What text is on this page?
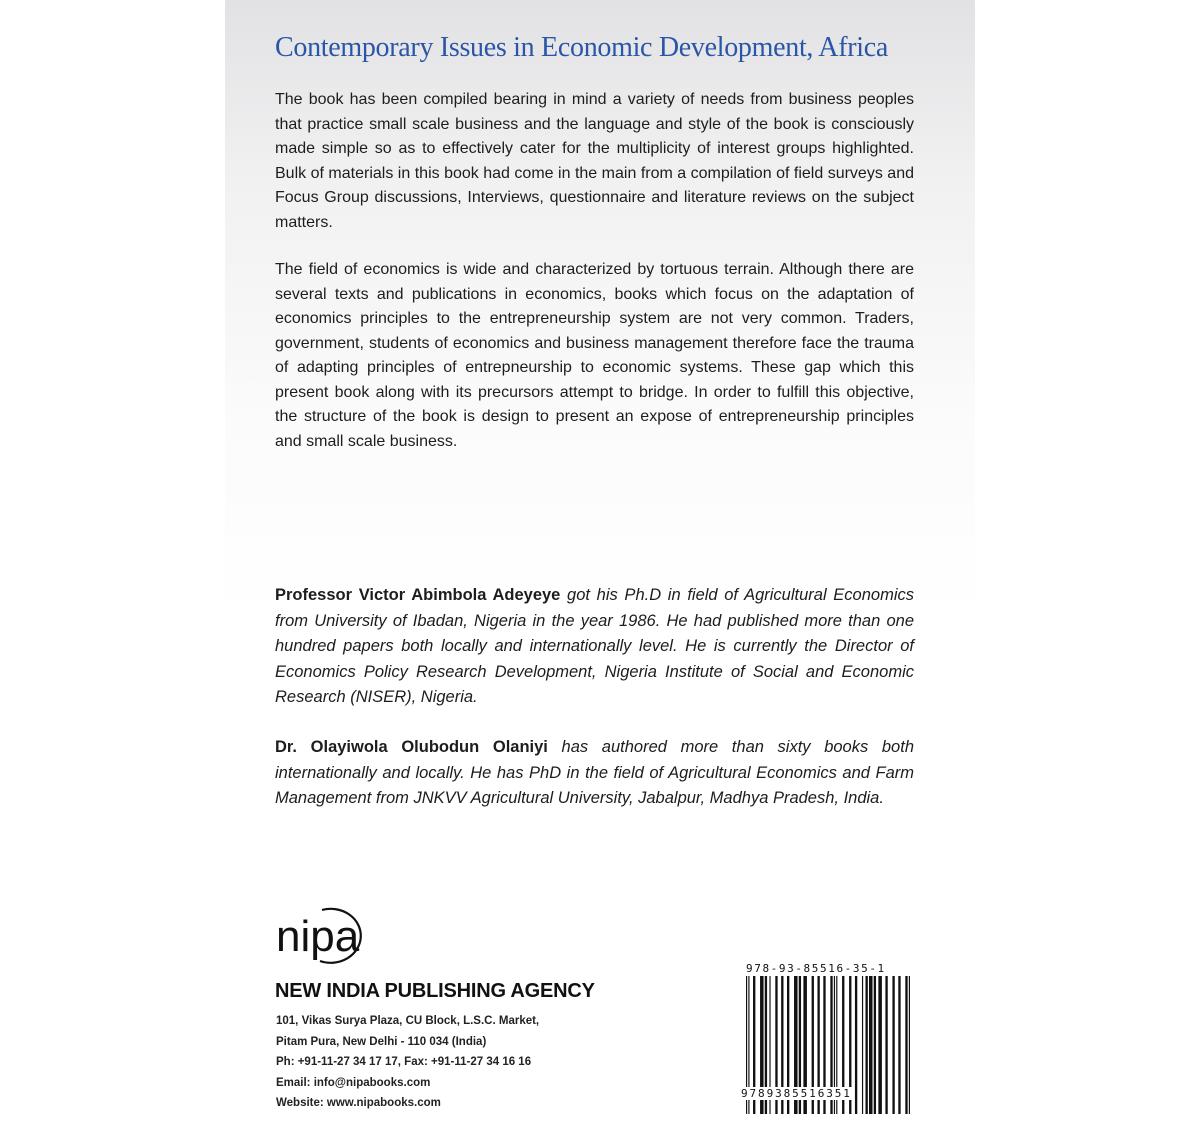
Contemporary Issues in Economic Development, Africa

The book has been compiled bearing in mind a variety of needs from business peoples that practice small scale business and the language and style of the book is consciously made simple so as to effectively cater for the multiplicity of interest groups highlighted. Bulk of materials in this book had come in the main from a compilation of field surveys and Focus Group discussions, Interviews, questionnaire and literature reviews on the subject matters.

The field of economics is wide and characterized by tortuous terrain. Although there are several texts and publications in economics, books which focus on the adaptation of economics principles to the entrepreneurship system are not very common. Traders, government, students of economics and business management therefore face the trauma of adapting principles of entrepneurship to economic systems. These gap which this present book along with its precursors attempt to bridge. In order to fulfill this objective, the structure of the book is design to present an expose of entrepreneurship principles and small scale business.

Professor Victor Abimbola Adeyeye got his Ph.D in field of Agricultural Economics from University of Ibadan, Nigeria in the year 1986. He had published more than one hundred papers both locally and internationally level. He is currently the Director of Economics Policy Research Development, Nigeria Institute of Social and Economic Research (NISER), Nigeria.

Dr. Olayiwola Olubodun Olaniyi has authored more than sixty books both internationally and locally. He has PhD in the field of Agricultural Economics and Farm Management from JNKVV Agricultural University, Jabalpur, Madhya Pradesh, India.

nipa
NEW INDIA PUBLISHING AGENCY
101, Vikas Surya Plaza, CU Block, L.S.C. Market,
Pitam Pura, New Delhi - 110 034 (India)
Ph: +91-11-27 34 17 17, Fax: +91-11-27 34 16 16
Email: info@nipabooks.com
Website: www.nipabooks.com
978-93-85516-35-1
9789385516351
